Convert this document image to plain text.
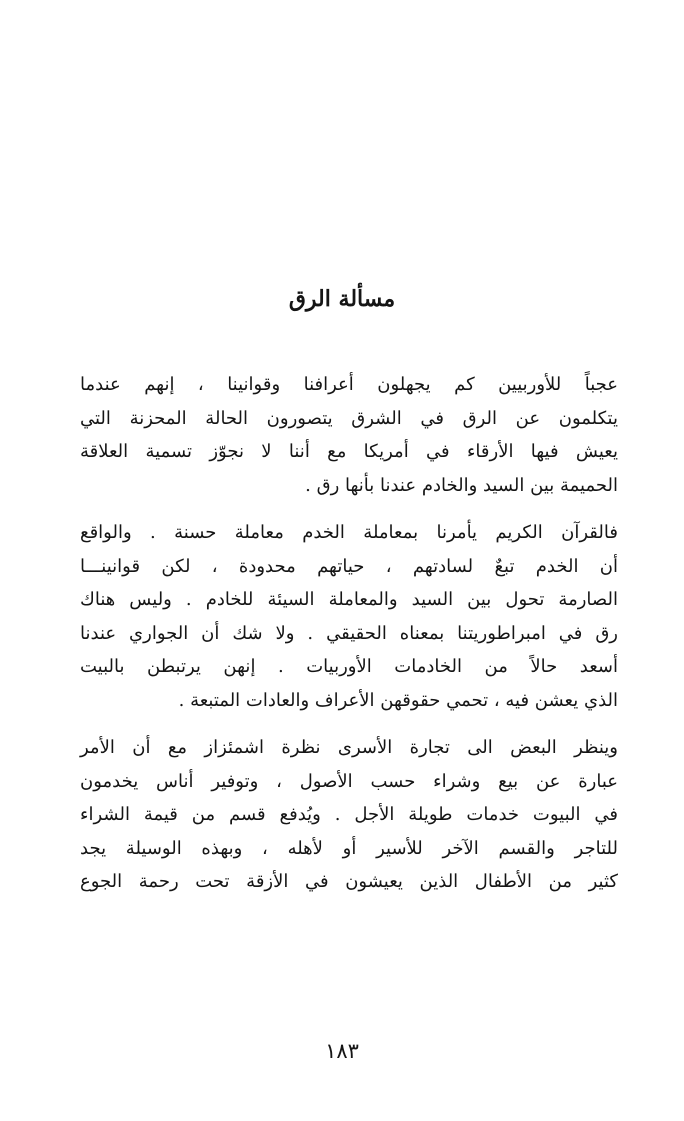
مسألة الرق
عجباً للأوربيين كم يجهلون أعرافنا وقوانينا ، إنهم عندما
يتكلمون عن الرق في الشرق يتصورون الحالة المحزنة التي
يعيش فيها الأرقاء في أمريكا مع أننا لا نجوّز تسمية العلاقة
الحميمة بين السيد والخادم عندنا بأنها رق .
فالقرآن الكريم يأمرنا بمعاملة الخدم معاملة حسنة . والواقع
أن الخدم تبعٌ لسادتهم ، حياتهم محدودة ، لكن قوانينـــا
الصارمة تحول بين السيد والمعاملة السيئة للخادم . وليس هناك
رق في امبراطوريتنا بمعناه الحقيقي . ولا شك أن الجواري عندنا
أسعد حالاً من الخادمات الأوربيات . إنهن يرتبطن بالبيت
الذي يعشن فيه ، تحمي حقوقهن الأعراف والعادات المتبعة .
وينظر البعض الى تجارة الأسرى نظرة اشمئزاز مع أن الأمر
عبارة عن بيع وشراء حسب الأصول ، وتوفير أناس يخدمون
في البيوت خدمات طويلة الأجل . ويُدفع قسم من قيمة الشراء
للتاجر والقسم الآخر للأسير أو لأهله ، وبهذه الوسيلة يجد
كثير من الأطفال الذين يعيشون في الأزقة تحت رحمة الجوع
١٨٣
